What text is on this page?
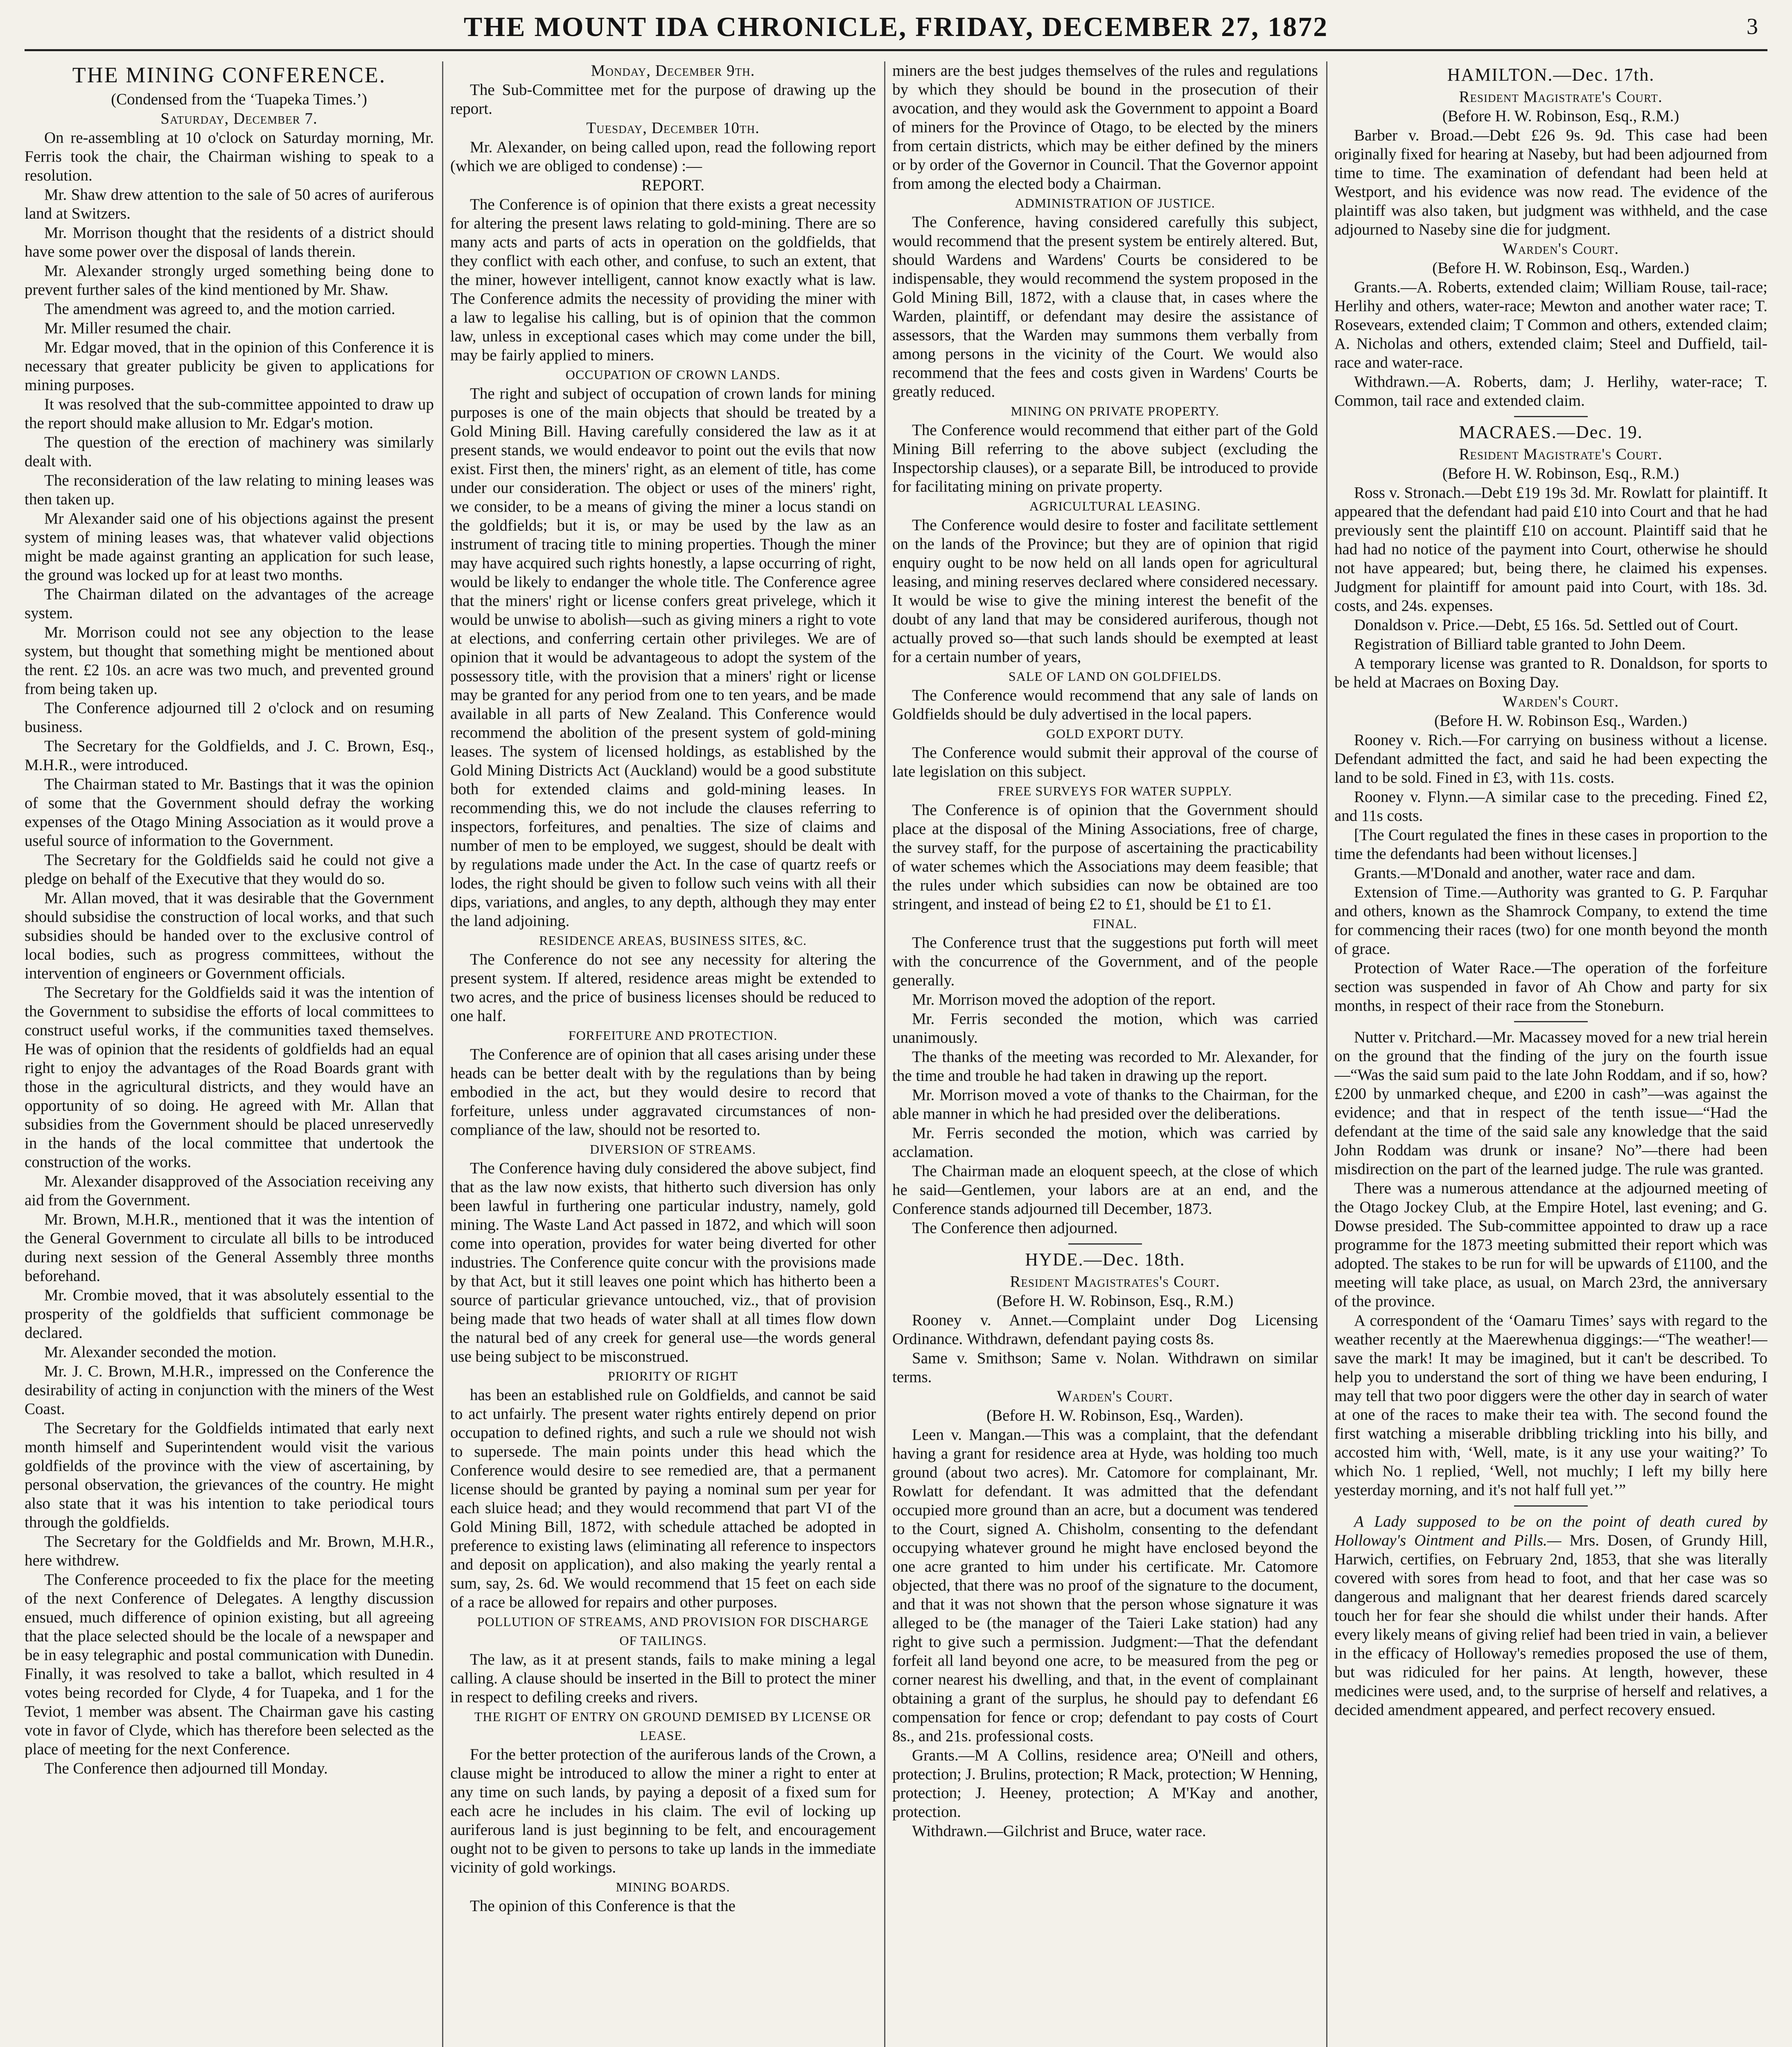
THE MOUNT IDA CHRONICLE, FRIDAY, DECEMBER 27, 1872	3
THE MINING CONFERENCE.

(Condensed from the ‘Tuapeka Times.’)

Saturday, December 7.

On re-assembling at 10 o'clock on Saturday morning, Mr. Ferris took the chair, the Chairman wishing to speak to a resolution.

Mr. Shaw drew attention to the sale of 50 acres of auriferous land at Switzers.

Mr. Morrison thought that the residents of a district should have some power over the disposal of lands therein.

Mr. Alexander strongly urged something being done to prevent further sales of the kind mentioned by Mr. Shaw.

The amendment was agreed to, and the motion carried.

Mr. Miller resumed the chair.

Mr. Edgar moved, that in the opinion of this Conference it is necessary that greater publicity be given to applications for mining purposes.

It was resolved that the sub-committee appointed to draw up the report should make allusion to Mr. Edgar's motion.

The question of the erection of machinery was similarly dealt with.

The reconsideration of the law relating to mining leases was then taken up.

Mr Alexander said one of his objections against the present system of mining leases was, that whatever valid objections might be made against granting an application for such lease, the ground was locked up for at least two months.

The Chairman dilated on the advantages of the acreage system.

Mr. Morrison could not see any objection to the lease system, but thought that something might be mentioned about the rent. £2 10s. an acre was two much, and prevented ground from being taken up.

The Conference adjourned till 2 o'clock and on resuming business.

The Secretary for the Goldfields, and J. C. Brown, Esq., M.H.R., were introduced.

The Chairman stated to Mr. Bastings that it was the opinion of some that the Government should defray the working expenses of the Otago Mining Association as it would prove a useful source of information to the Government.

The Secretary for the Goldfields said he could not give a pledge on behalf of the Executive that they would do so.

Mr. Allan moved, that it was desirable that the Government should subsidise the construction of local works, and that such subsidies should be handed over to the exclusive control of local bodies, such as progress committees, without the intervention of engineers or Government officials.

The Secretary for the Goldfields said it was the intention of the Government to subsidise the efforts of local committees to construct useful works, if the communities taxed themselves. He was of opinion that the residents of goldfields had an equal right to enjoy the advantages of the Road Boards grant with those in the agricultural districts, and they would have an opportunity of so doing. He agreed with Mr. Allan that subsidies from the Government should be placed unreservedly in the hands of the local committee that undertook the construction of the works.

Mr. Alexander disapproved of the Association receiving any aid from the Government.

Mr. Brown, M.H.R., mentioned that it was the intention of the General Government to circulate all bills to be introduced during next session of the General Assembly three months beforehand.

Mr. Crombie moved, that it was absolutely essential to the prosperity of the goldfields that sufficient commonage be declared.

Mr. Alexander seconded the motion.

Mr. J. C. Brown, M.H.R., impressed on the Conference the desirability of acting in conjunction with the miners of the West Coast.

The Secretary for the Goldfields intimated that early next month himself and Superintendent would visit the various goldfields of the province with the view of ascertaining, by personal observation, the grievances of the country. He might also state that it was his intention to take periodical tours through the goldfields.

The Secretary for the Goldfields and Mr. Brown, M.H.R., here withdrew.

The Conference proceeded to fix the place for the meeting of the next Conference of Delegates. A lengthy discussion ensued, much difference of opinion existing, but all agreeing that the place selected should be the locale of a newspaper and be in easy telegraphic and postal communication with Dunedin. Finally, it was resolved to take a ballot, which resulted in 4 votes being recorded for Clyde, 4 for Tuapeka, and 1 for the Teviot, 1 member was absent. The Chairman gave his casting vote in favor of Clyde, which has therefore been selected as the place of meeting for the next Conference.

The Conference then adjourned till Monday.

Monday, December 9th.

The Sub-Committee met for the purpose of drawing up the report.

Tuesday, December 10th.

Mr. Alexander, on being called upon, read the following report (which we are obliged to condense) :—

REPORT.

The Conference is of opinion that there exists a great necessity for altering the present laws relating to gold-mining. There are so many acts and parts of acts in operation on the goldfields, that they conflict with each other, and confuse, to such an extent, that the miner, however intelligent, cannot know exactly what is law. The Conference admits the necessity of providing the miner with a law to legalise his calling, but is of opinion that the common law, unless in exceptional cases which may come under the bill, may be fairly applied to miners.

OCCUPATION OF CROWN LANDS.

The right and subject of occupation of crown lands for mining purposes is one of the main objects that should be treated by a Gold Mining Bill. Having carefully considered the law as it at present stands, we would endeavor to point out the evils that now exist. First then, the miners' right, as an element of title, has come under our consideration. The object or uses of the miners' right, we consider, to be a means of giving the miner a locus standi on the goldfields; but it is, or may be used by the law as an instrument of tracing title to mining properties. Though the miner may have acquired such rights honestly, a lapse occurring of right, would be likely to endanger the whole title. The Conference agree that the miners' right or license confers great privelege, which it would be unwise to abolish—such as giving miners a right to vote at elections, and conferring certain other privileges. We are of opinion that it would be advantageous to adopt the system of the possessory title, with the provision that a miners' right or license may be granted for any period from one to ten years, and be made available in all parts of New Zealand. This Conference would recommend the abolition of the present system of gold-mining leases. The system of licensed holdings, as established by the Gold Mining Districts Act (Auckland) would be a good substitute both for extended claims and gold-mining leases. In recommending this, we do not include the clauses referring to inspectors, forfeitures, and penalties. The size of claims and number of men to be employed, we suggest, should be dealt with by regulations made under the Act. In the case of quartz reefs or lodes, the right should be given to follow such veins with all their dips, variations, and angles, to any depth, although they may enter the land adjoining.

RESIDENCE AREAS, BUSINESS SITES, &C.

The Conference do not see any necessity for altering the present system. If altered, residence areas might be extended to two acres, and the price of business licenses should be reduced to one half.

FORFEITURE AND PROTECTION.

The Conference are of opinion that all cases arising under these heads can be better dealt with by the regulations than by being embodied in the act, but they would desire to record that forfeiture, unless under aggravated circumstances of non-compliance of the law, should not be resorted to.

DIVERSION OF STREAMS.

The Conference having duly considered the above subject, find that as the law now exists, that hitherto such diversion has only been lawful in furthering one particular industry, namely, gold mining. The Waste Land Act passed in 1872, and which will soon come into operation, provides for water being diverted for other industries. The Conference quite concur with the provisions made by that Act, but it still leaves one point which has hitherto been a source of particular grievance untouched, viz., that of provision being made that two heads of water shall at all times flow down the natural bed of any creek for general use—the words general use being subject to be misconstrued.

PRIORITY OF RIGHT

has been an established rule on Goldfields, and cannot be said to act unfairly. The present water rights entirely depend on prior occupation to defined rights, and such a rule we should not wish to supersede. The main points under this head which the Conference would desire to see remedied are, that a permanent license should be granted by paying a nominal sum per year for each sluice head; and they would recommend that part VI of the Gold Mining Bill, 1872, with schedule attached be adopted in preference to existing laws (eliminating all reference to inspectors and deposit on application), and also making the yearly rental a sum, say, 2s. 6d. We would recommend that 15 feet on each side of a race be allowed for repairs and other purposes.

POLLUTION OF STREAMS, AND PROVISION FOR DISCHARGE OF TAILINGS.

The law, as it at present stands, fails to make mining a legal calling. A clause should be inserted in the Bill to protect the miner in respect to defiling creeks and rivers.

THE RIGHT OF ENTRY ON GROUND DEMISED BY LICENSE OR LEASE.

For the better protection of the auriferous lands of the Crown, a clause might be introduced to allow the miner a right to enter at any time on such lands, by paying a deposit of a fixed sum for each acre he includes in his claim. The evil of locking up auriferous land is just beginning to be felt, and encouragement ought not to be given to persons to take up lands in the immediate vicinity of gold workings.

MINING BOARDS.

The opinion of this Conference is that the

miners are the best judges themselves of the rules and regulations by which they should be bound in the prosecution of their avocation, and they would ask the Government to appoint a Board of miners for the Province of Otago, to be elected by the miners from certain districts, which may be either defined by the miners or by order of the Governor in Council. That the Governor appoint from among the elected body a Chairman.

ADMINISTRATION OF JUSTICE.

The Conference, having considered carefully this subject, would recommend that the present system be entirely altered. But, should Wardens and Wardens' Courts be considered to be indispensable, they would recommend the system proposed in the Gold Mining Bill, 1872, with a clause that, in cases where the Warden, plaintiff, or defendant may desire the assistance of assessors, that the Warden may summons them verbally from among persons in the vicinity of the Court. We would also recommend that the fees and costs given in Wardens' Courts be greatly reduced.

MINING ON PRIVATE PROPERTY.

The Conference would recommend that either part of the Gold Mining Bill referring to the above subject (excluding the Inspectorship clauses), or a separate Bill, be introduced to provide for facilitating mining on private property.

AGRICULTURAL LEASING.

The Conference would desire to foster and facilitate settlement on the lands of the Province; but they are of opinion that rigid enquiry ought to be now held on all lands open for agricultural leasing, and mining reserves declared where considered necessary. It would be wise to give the mining interest the benefit of the doubt of any land that may be considered auriferous, though not actually proved so—that such lands should be exempted at least for a certain number of years,

SALE OF LAND ON GOLDFIELDS.

The Conference would recommend that any sale of lands on Goldfields should be duly advertised in the local papers.

GOLD EXPORT DUTY.

The Conference would submit their approval of the course of late legislation on this subject.

FREE SURVEYS FOR WATER SUPPLY.

The Conference is of opinion that the Government should place at the disposal of the Mining Associations, free of charge, the survey staff, for the purpose of ascertaining the practicability of water schemes which the Associations may deem feasible; that the rules under which subsidies can now be obtained are too stringent, and instead of being £2 to £1, should be £1 to £1.

FINAL.

The Conference trust that the suggestions put forth will meet with the concurrence of the Government, and of the people generally.

Mr. Morrison moved the adoption of the report.

Mr. Ferris seconded the motion, which was carried unanimously.

The thanks of the meeting was recorded to Mr. Alexander, for the time and trouble he had taken in drawing up the report.

Mr. Morrison moved a vote of thanks to the Chairman, for the able manner in which he had presided over the deliberations.

Mr. Ferris seconded the motion, which was carried by acclamation.

The Chairman made an eloquent speech, at the close of which he said—Gentlemen, your labors are at an end, and the Conference stands adjourned till December, 1873.

The Conference then adjourned.

HYDE.—Dec. 18th.

Resident Magistrates's Court.

(Before H. W. Robinson, Esq., R.M.)

Rooney v. Annet.—Complaint under Dog Licensing Ordinance. Withdrawn, defendant paying costs 8s.

Same v. Smithson; Same v. Nolan. Withdrawn on similar terms.

Warden's Court.

(Before H. W. Robinson, Esq., Warden).

Leen v. Mangan.—This was a complaint, that the defendant having a grant for residence area at Hyde, was holding too much ground (about two acres). Mr. Catomore for complainant, Mr. Rowlatt for defendant. It was admitted that the defendant occupied more ground than an acre, but a document was tendered to the Court, signed A. Chisholm, consenting to the defendant occupying whatever ground he might have enclosed beyond the one acre granted to him under his certificate. Mr. Catomore objected, that there was no proof of the signature to the document, and that it was not shown that the person whose signature it was alleged to be (the manager of the Taieri Lake station) had any right to give such a permission. Judgment:—That the defendant forfeit all land beyond one acre, to be measured from the peg or corner nearest his dwelling, and that, in the event of complainant obtaining a grant of the surplus, he should pay to defendant £6 compensation for fence or crop; defendant to pay costs of Court 8s., and 21s. professional costs.

Grants.—M A Collins, residence area; O'Neill and others, protection; J. Brulins, protection; R Mack, protection; W Henning, protection; J. Heeney, protection; A M'Kay and another, protection.

Withdrawn.—Gilchrist and Bruce, water race.

HAMILTON.—Dec. 17th.

Resident Magistrate's Court.

(Before H. W. Robinson, Esq., R.M.)

Barber v. Broad.—Debt £26 9s. 9d. This case had been originally fixed for hearing at Naseby, but had been adjourned from time to time. The examination of defendant had been held at Westport, and his evidence was now read. The evidence of the plaintiff was also taken, but judgment was withheld, and the case adjourned to Naseby sine die for judgment.

Warden's Court.

(Before H. W. Robinson, Esq., Warden.)

Grants.—A. Roberts, extended claim; William Rouse, tail-race; Herlihy and others, water-race; Mewton and another water race; T. Rosevears, extended claim; T Common and others, extended claim; A. Nicholas and others, extended claim; Steel and Duffield, tail-race and water-race.

Withdrawn.—A. Roberts, dam; J. Herlihy, water-race; T. Common, tail race and extended claim.

MACRAES.—Dec. 19.

Resident Magistrate's Court.

(Before H. W. Robinson, Esq., R.M.)

Ross v. Stronach.—Debt £19 19s 3d. Mr. Rowlatt for plaintiff. It appeared that the defendant had paid £10 into Court and that he had previously sent the plaintiff £10 on account. Plaintiff said that he had had no notice of the payment into Court, otherwise he should not have appeared; but, being there, he claimed his expenses. Judgment for plaintiff for amount paid into Court, with 18s. 3d. costs, and 24s. expenses.

Donaldson v. Price.—Debt, £5 16s. 5d. Settled out of Court.

Registration of Billiard table granted to John Deem.

A temporary license was granted to R. Donaldson, for sports to be held at Macraes on Boxing Day.

Warden's Court.

(Before H. W. Robinson Esq., Warden.)

Rooney v. Rich.—For carrying on business without a license. Defendant admitted the fact, and said he had been expecting the land to be sold. Fined in £3, with 11s. costs.

Rooney v. Flynn.—A similar case to the preceding. Fined £2, and 11s costs.

[The Court regulated the fines in these cases in proportion to the time the defendants had been without licenses.]

Grants.—M'Donald and another, water race and dam.

Extension of Time.—Authority was granted to G. P. Farquhar and others, known as the Shamrock Company, to extend the time for commencing their races (two) for one month beyond the month of grace.

Protection of Water Race.—The operation of the forfeiture section was suspended in favor of Ah Chow and party for six months, in respect of their race from the Stoneburn.

Nutter v. Pritchard.—Mr. Macassey moved for a new trial herein on the ground that the finding of the jury on the fourth issue—“Was the said sum paid to the late John Roddam, and if so, how? £200 by unmarked cheque, and £200 in cash”—was against the evidence; and that in respect of the tenth issue—“Had the defendant at the time of the said sale any knowledge that the said John Roddam was drunk or insane? No”—there had been misdirection on the part of the learned judge. The rule was granted.

There was a numerous attendance at the adjourned meeting of the Otago Jockey Club, at the Empire Hotel, last evening; and G. Dowse presided. The Sub-committee appointed to draw up a race programme for the 1873 meeting submitted their report which was adopted. The stakes to be run for will be upwards of £1100, and the meeting will take place, as usual, on March 23rd, the anniversary of the province.

A correspondent of the ‘Oamaru Times’ says with regard to the weather recently at the Maerewhenua diggings:—“The weather!—save the mark! It may be imagined, but it can't be described. To help you to understand the sort of thing we have been enduring, I may tell that two poor diggers were the other day in search of water at one of the races to make their tea with. The second found the first watching a miserable dribbling trickling into his billy, and accosted him with, ‘Well, mate, is it any use your waiting?’ To which No. 1 replied, ‘Well, not muchly; I left my billy here yesterday morning, and it's not half full yet.’”

A Lady supposed to be on the point of death cured by Holloway's Ointment and Pills.— Mrs. Dosen, of Grundy Hill, Harwich, certifies, on February 2nd, 1853, that she was literally covered with sores from head to foot, and that her case was so dangerous and malignant that her dearest friends dared scarcely touch her for fear she should die whilst under their hands. After every likely means of giving relief had been tried in vain, a believer in the efficacy of Holloway's remedies proposed the use of them, but was ridiculed for her pains. At length, however, these medicines were used, and, to the surprise of herself and relatives, a decided amendment appeared, and perfect recovery ensued.
